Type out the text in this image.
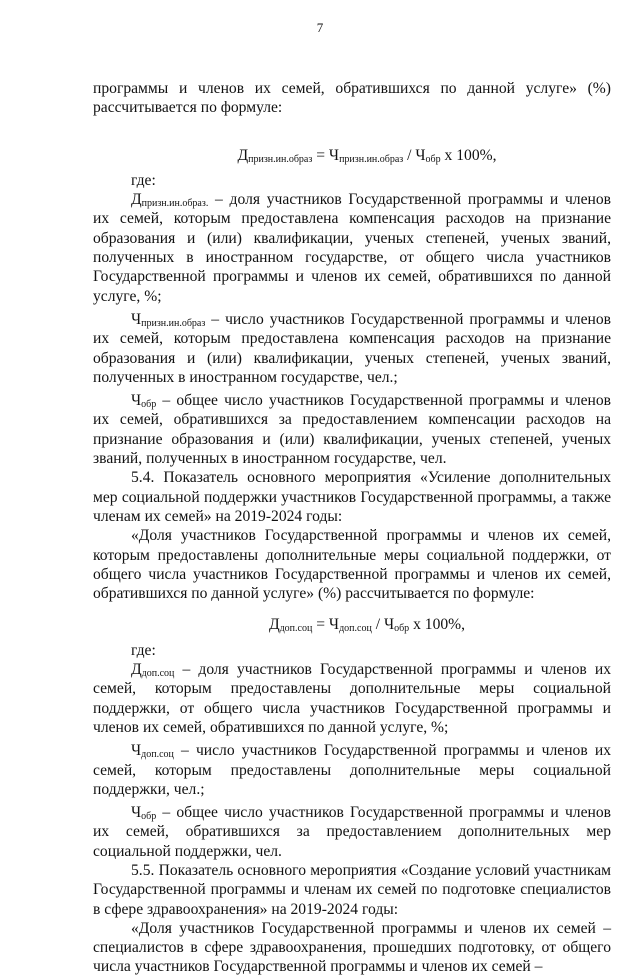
7

программы и членов их семей, обратившихся по данной услуге» (%) рассчитывается по формуле:

$Д_{призн.ин.образ} = Ч_{призн.ин.образ} / Ч_{обр}$ х 100%,

где:

$Д_{призн.ин.образ.}$ – доля участников Государственной программы и членов их семей, которым предоставлена компенсация расходов на признание образования и (или) квалификации, ученых степеней, ученых званий, полученных в иностранном государстве, от общего числа участников Государственной программы и членов их семей, обратившихся по данной услуге, %;

$Ч_{призн.ин.образ}$ – число участников Государственной программы и членов их семей, которым предоставлена компенсация расходов на признание образования и (или) квалификации, ученых степеней, ученых званий, полученных в иностранном государстве, чел.;

$Ч_{обр}$ – общее число участников Государственной программы и членов их семей, обратившихся за предоставлением компенсации расходов на признание образования и (или) квалификации, ученых степеней, ученых званий, полученных в иностранном государстве, чел.

5.4. Показатель основного мероприятия «Усиление дополнительных мер социальной поддержки участников Государственной программы, а также членам их семей» на 2019-2024 годы:

«Доля участников Государственной программы и членов их семей, которым предоставлены дополнительные меры социальной поддержки, от общего числа участников Государственной программы и членов их семей, обратившихся по данной услуге» (%) рассчитывается по формуле:

$Д_{доп.соц} = Ч_{доп.соц} / Ч_{обр}$ х 100%,

где:

$Д_{доп.соц}$ – доля участников Государственной программы и членов их семей, которым предоставлены дополнительные меры социальной поддержки, от общего числа участников Государственной программы и членов их семей, обратившихся по данной услуге, %;

$Ч_{доп.соц}$ – число участников Государственной программы и членов их семей, которым предоставлены дополнительные меры социальной поддержки, чел.;

$Ч_{обр}$ – общее число участников Государственной программы и членов их семей, обратившихся за предоставлением дополнительных мер социальной поддержки, чел.

5.5. Показатель основного мероприятия «Создание условий участникам Государственной программы и членам их семей по подготовке специалистов в сфере здравоохранения» на 2019-2024 годы:

«Доля участников Государственной программы и членов их семей – специалистов в сфере здравоохранения, прошедших подготовку, от общего числа участников Государственной программы и членов их семей –
